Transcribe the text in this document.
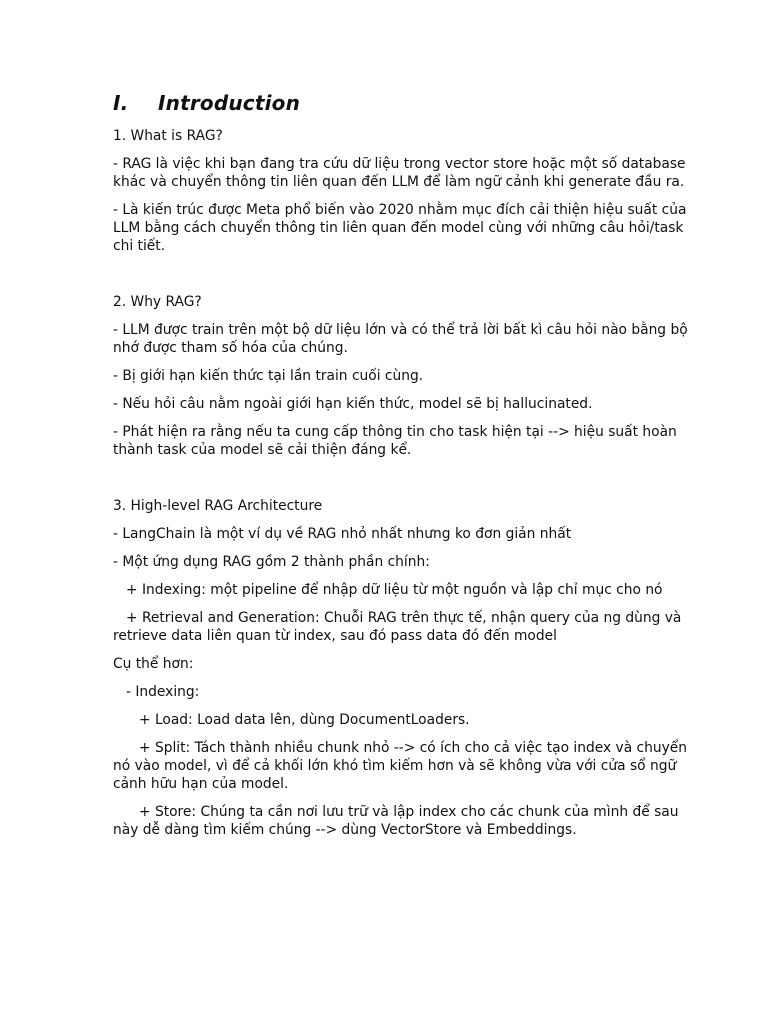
I. Introduction

1. What is RAG?

- RAG là việc khi bạn đang tra cứu dữ liệu trong vector store hoặc một số database khác và chuyển thông tin liên quan đến LLM để làm ngữ cảnh khi generate đầu ra.

- Là kiến trúc được Meta phổ biến vào 2020 nhằm mục đích cải thiện hiệu suất của LLM bằng cách chuyển thông tin liên quan đến model cùng với những câu hỏi/task chi tiết.

2. Why RAG?

- LLM được train trên một bộ dữ liệu lớn và có thể trả lời bất kì câu hỏi nào bằng bộ nhớ được tham số hóa của chúng.

- Bị giới hạn kiến thức tại lần train cuối cùng.

- Nếu hỏi câu nằm ngoài giới hạn kiến thức, model sẽ bị hallucinated.

- Phát hiện ra rằng nếu ta cung cấp thông tin cho task hiện tại --> hiệu suất hoàn thành task của model sẽ cải thiện đáng kể.

3. High-level RAG Architecture

- LangChain là một ví dụ về RAG nhỏ nhất nhưng ko đơn giản nhất

- Một ứng dụng RAG gồm 2 thành phần chính:

+ Indexing: một pipeline để nhập dữ liệu từ một nguồn và lập chỉ mục cho nó

+ Retrieval and Generation: Chuỗi RAG trên thực tế, nhận query của ng dùng và retrieve data liên quan từ index, sau đó pass data đó đến model

Cụ thể hơn:

- Indexing:

+ Load: Load data lên, dùng DocumentLoaders.

+ Split: Tách thành nhiều chunk nhỏ --> có ích cho cả việc tạo index và chuyển nó vào model, vì để cả khối lớn khó tìm kiếm hơn và sẽ không vừa với cửa sổ ngữ cảnh hữu hạn của model.

+ Store: Chúng ta cần nơi lưu trữ và lập index cho các chunk của mình để sau này dễ dàng tìm kiếm chúng --> dùng VectorStore và Embeddings.
